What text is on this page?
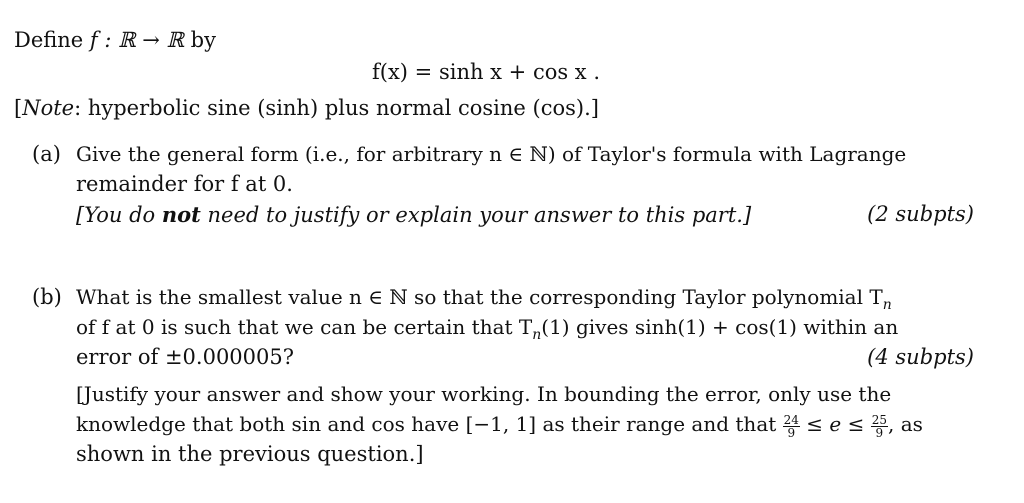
Define f : ℝ → ℝ by
f(x) = sinh x + cos x .
[Note: hyperbolic sine (sinh) plus normal cosine (cos).]
(a) Give the general form (i.e., for arbitrary n ∈ ℕ) of Taylor's formula with Lagrange
remainder for f at 0.
[You do not need to justify or explain your answer to this part.]	(2 subpts)
(b) What is the smallest value n ∈ ℕ so that the corresponding Taylor polynomial $T_n$
of f at 0 is such that we can be certain that $T_n(1)$ gives sinh(1) + cos(1) within an
error of ±0.000005?	(4 subpts)
[Justify your answer and show your working. In bounding the error, only use the
knowledge that both sin and cos have [−1, 1] as their range and that $\frac{24}{9} \le e \le \frac{25}{9}$ , as
shown in the previous question.]
